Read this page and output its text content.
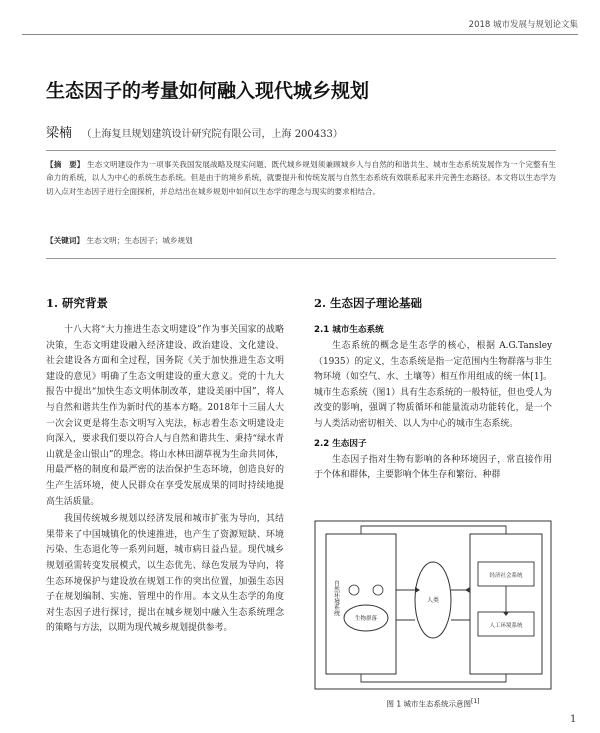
2018 城市发展与规划论文集
生态因子的考量如何融入现代城乡规划
梁楠 （上海复旦规划建筑设计研究院有限公司，上海 200433）
【摘　要】 生态文明建设作为一项事关我国发展战略及现实问题、既代城乡规划须兼顾城乡人与自然的和谐共生、城市生态系统发展作为一个完整有生命力的系统，以人为中心的系统生态系统。但是由于的境乡系统，就要提升和传统发展与自然生态系统有效联系起来并完善生态路径。本文将以生态学为切入点对生态因子进行全面探析，并总结出在城乡规划中如何以生态学的理念与现实的要求相结合。
【关键词】 生态文明；生态因子；城乡规划
1. 研究背景

十八大将“大力推进生态文明建设”作为事关国家的战略决策，生态文明建设融入经济建设、政治建设、文化建设、社会建设各方面和全过程，国务院《关于加快推进生态文明建设的意见》明确了生态文明建设的重大意义。党的十九大报告中提出“加快生态文明体制改革，建设美丽中国”，将人与自然和谐共生作为新时代的基本方略。2018年十三届人大一次会议更是将生态文明写入宪法，标志着生态文明建设走向深入，要求我们要以符合人与自然和谐共生、秉持“绿水青山就是金山银山”的理念。将山水林田湖草视为生命共同体，用最严格的制度和最严密的法治保护生态环境，创造良好的生产生活环境，使人民群众在享受发展成果的同时持续地提高生活质量。

我国传统城乡规划以经济发展和城市扩张为导向，其结果带来了中国城镇化的快速推进，也产生了资源短缺、环境污染、生态退化等一系列问题，城市病日益凸显。现代城乡规划亟需转变发展模式，以生态优先、绿色发展为导向，将生态环境保护与建设放在规划工作的突出位置，加强生态因子在规划编制、实施、管理中的作用。本文从生态学的角度对生态因子进行探讨，提出在城乡规划中融入生态系统理念的策略与方法，以期为现代城乡规划提供参考。

2. 生态因子理论基础
2.1 城市生态系统

生态系统的概念是生态学的核心，根据 A.G.Tansley（1935）的定义，生态系统是指一定范围内生物群落与非生物环境（如空气、水、土壤等）相互作用组成的统一体[1]。城市生态系统（图1）具有生态系统的一般特征，但也受人为改变的影响，强调了物质循环和能量流动功能转化，是一个与人类活动密切相关、以人为中心的城市生态系统。

2.2 生态因子

生态因子指对生物有影响的各种环境因子，常直接作用于个体和群体，主要影响个体生存和繁衍、种群

自然环境系统
生物群落
人类
经济社会系统
人工环境系统
图 1 城市生态系统示意图[1]
1
